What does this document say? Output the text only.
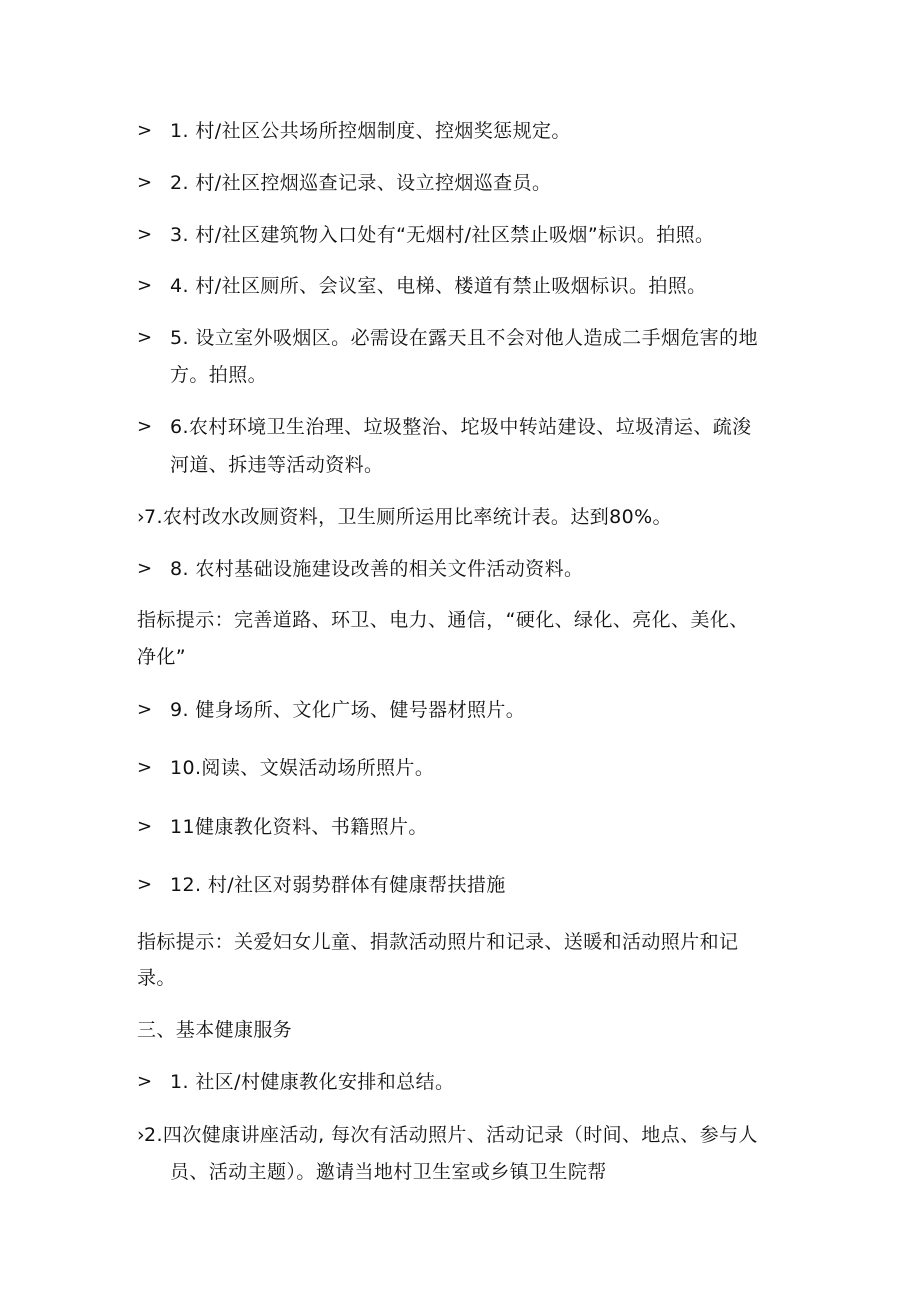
> 1. 村/社区公共场所控烟制度、控烟奖惩规定。
> 2. 村/社区控烟巡查记录、设立控烟巡查员。
> 3. 村/社区建筑物入口处有“无烟村/社区禁止吸烟”标识。拍照。
> 4. 村/社区厕所、会议室、电梯、楼道有禁止吸烟标识。拍照。
> 5. 设立室外吸烟区。必需设在露天且不会对他人造成二手烟危害的地
方。拍照。
> 6.农村环境卫生治理、垃圾整治、坨圾中转站建设、垃圾清运、疏浚
河道、拆违等活动资料。
› 7.农村改水改厕资料，卫生厕所运用比率统计表。达到80%。
> 8. 农村基础设施建设改善的相关文件活动资料。
指标提示：完善道路、环卫、电力、通信，“硬化、绿化、亮化、美化、
净化”
> 9. 健身场所、文化广场、健号器材照片。
> 10.阅读、文娱活动场所照片。
> 11健康教化资料、书籍照片。
> 12. 村/社区对弱势群体有健康帮扶措施
指标提示：关爱妇女儿童、捐款活动照片和记录、送暖和活动照片和记
录。
三、基本健康服务
> 1. 社区/村健康教化安排和总结。
› 2.四次健康讲座活动, 每次有活动照片、活动记录（时间、地点、参与人
员、活动主题）。邀请当地村卫生室或乡镇卫生院帮
